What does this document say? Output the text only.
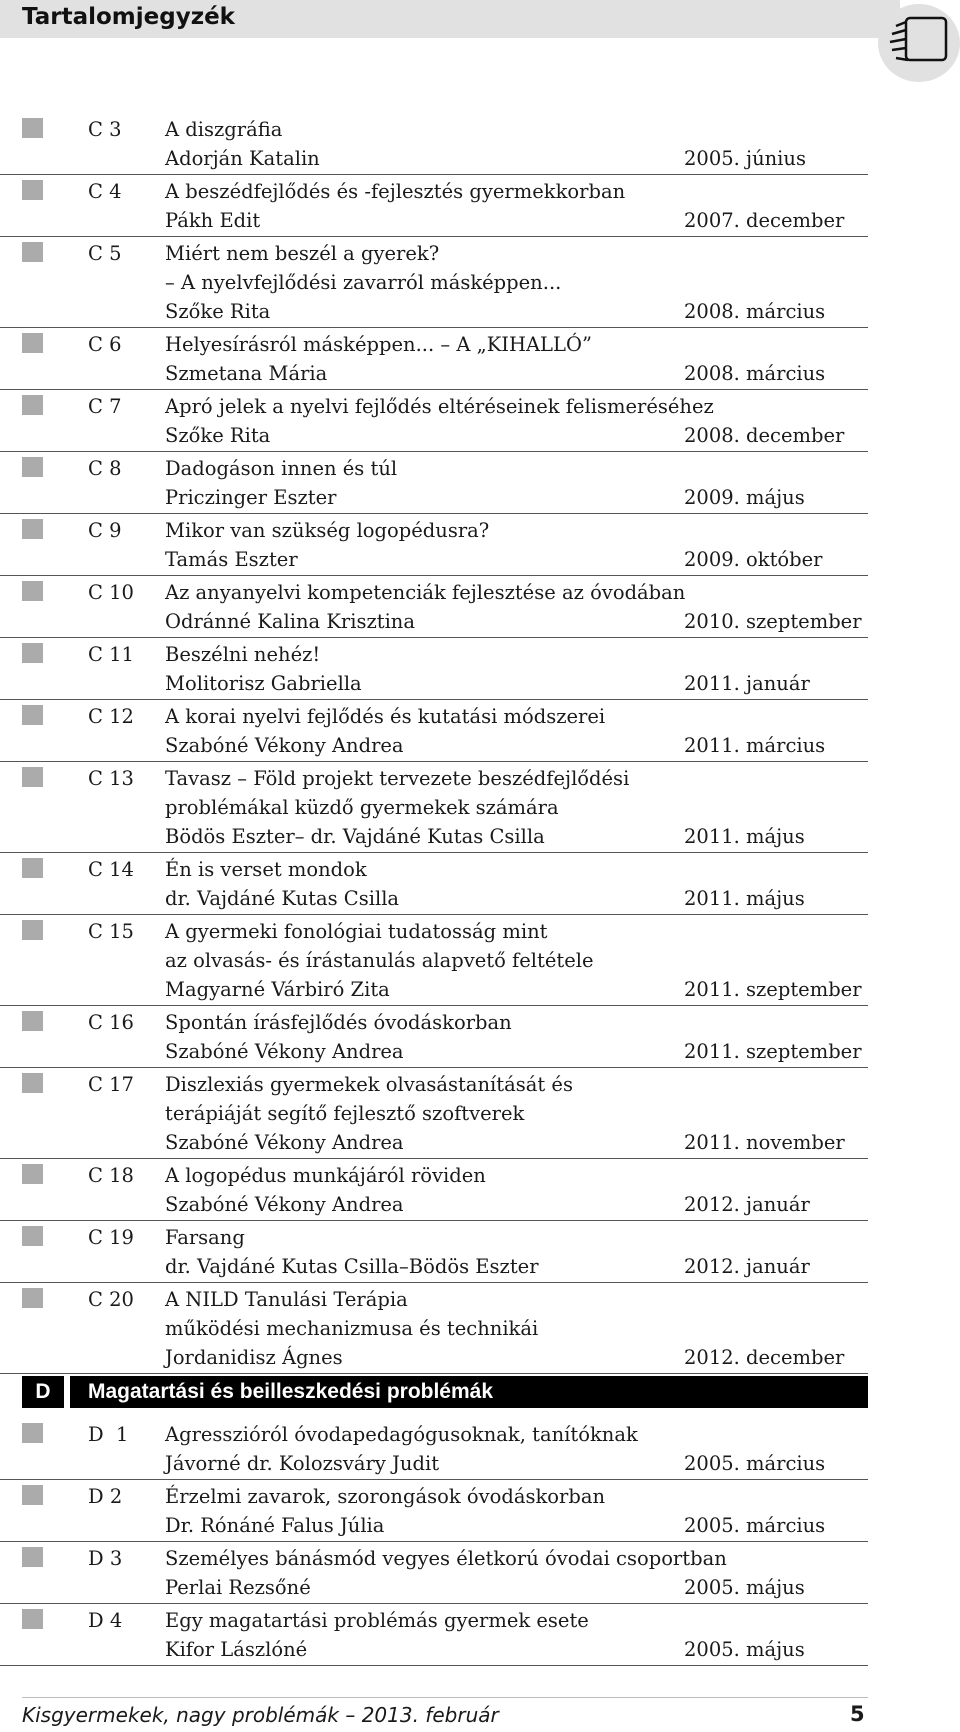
Tartalomjegyzék
C 3 A diszgráfia
Adorján Katalin	2005. június
C 4 A beszédfejlődés és -fejlesztés gyermekkorban
Pákh Edit	2007. december
C 5 Miért nem beszél a gyerek?
– A nyelvfejlődési zavarról másképpen...
Szőke Rita	2008. március
C 6 Helyesírásról másképpen... – A „KIHALLÓ”
Szmetana Mária	2008. március
C 7 Apró jelek a nyelvi fejlődés eltéréseinek felismeréséhez
Szőke Rita	2008. december
C 8 Dadogáson innen és túl
Priczinger Eszter	2009. május
C 9 Mikor van szükség logopédusra?
Tamás Eszter	2009. október
C 10 Az anyanyelvi kompetenciák fejlesztése az óvodában
Odránné Kalina Krisztina	2010. szeptember
C 11 Beszélni nehéz!
Molitorisz Gabriella	2011. január
C 12 A korai nyelvi fejlődés és kutatási módszerei
Szabóné Vékony Andrea	2011. március
C 13 Tavasz – Föld projekt tervezete beszédfejlődési
problémákal küzdő gyermekek számára
Bödös Eszter– dr. Vajdáné Kutas Csilla	2011. május
C 14 Én is verset mondok
dr. Vajdáné Kutas Csilla	2011. május
C 15 A gyermeki fonológiai tudatosság mint
az olvasás- és írástanulás alapvető feltétele
Magyarné Várbiró Zita	2011. szeptember
C 16 Spontán írásfejlődés óvodáskorban
Szabóné Vékony Andrea	2011. szeptember
C 17 Diszlexiás gyermekek olvasástanítását és
terápiáját segítő fejlesztő szoftverek
Szabóné Vékony Andrea	2011. november
C 18 A logopédus munkájáról röviden
Szabóné Vékony Andrea	2012. január
C 19 Farsang
dr. Vajdáné Kutas Csilla–Bödös Eszter	2012. január
C 20 A NILD Tanulási Terápia
működési mechanizmusa és technikái
Jordanidisz Ágnes	2012. december
D	Magatartási és beilleszkedési problémák
D  1 Agresszióról óvodapedagógusoknak, tanítóknak
Jávorné dr. Kolozsváry Judit	2005. március
D 2 Érzelmi zavarok, szorongások óvodáskorban
Dr. Rónáné Falus Júlia	2005. március
D 3 Személyes bánásmód vegyes életkorú óvodai csoportban
Perlai Rezsőné	2005. május
D 4 Egy magatartási problémás gyermek esete
Kifor Lászlóné	2005. május
Kisgyermekek, nagy problémák – 2013. február	5
